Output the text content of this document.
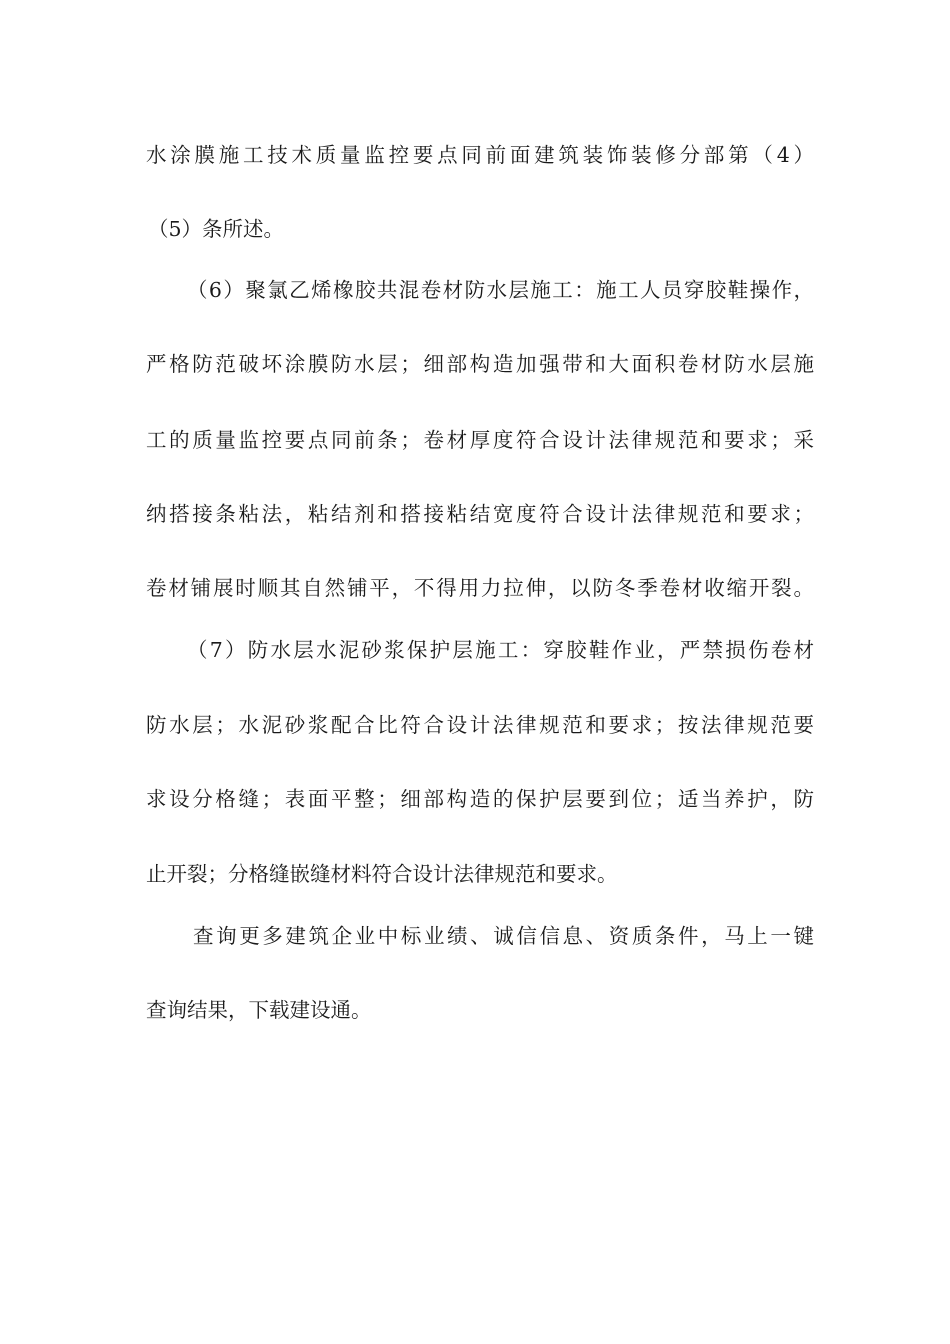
水涂膜施工技术质量监控要点同前面建筑装饰装修分部第（4）
（5）条所述。
（6）聚氯乙烯橡胶共混卷材防水层施工：施工人员穿胶鞋操作，
严格防范破坏涂膜防水层；细部构造加强带和大面积卷材防水层施
工的质量监控要点同前条；卷材厚度符合设计法律规范和要求；采
纳搭接条粘法，粘结剂和搭接粘结宽度符合设计法律规范和要求；
卷材铺展时顺其自然铺平，不得用力拉伸，以防冬季卷材收缩开裂。
（7）防水层水泥砂浆保护层施工：穿胶鞋作业，严禁损伤卷材
防水层；水泥砂浆配合比符合设计法律规范和要求；按法律规范要
求设分格缝；表面平整；细部构造的保护层要到位；适当养护，防
止开裂；分格缝嵌缝材料符合设计法律规范和要求。
查询更多建筑企业中标业绩、诚信信息、资质条件，马上一键
查询结果，下载建设通。
